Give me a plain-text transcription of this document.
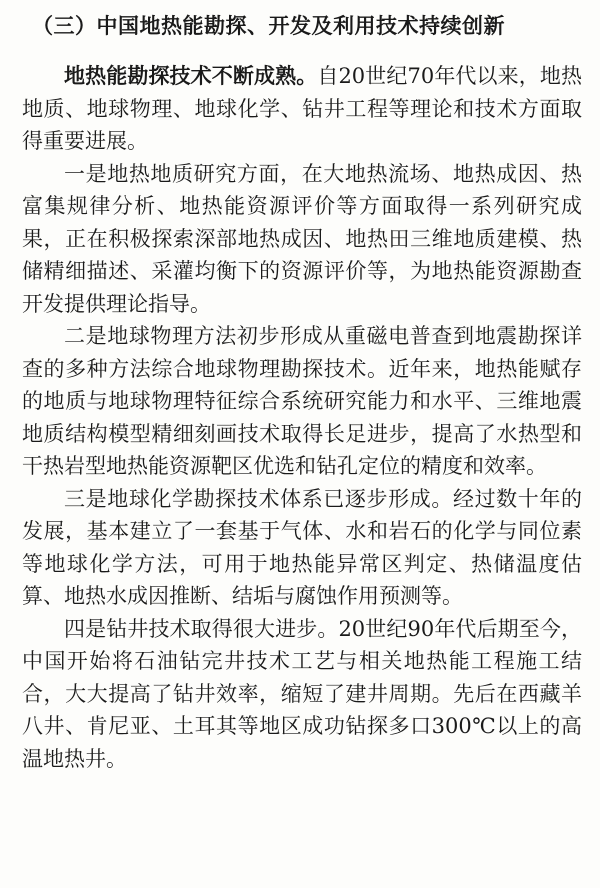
（三）中国地热能勘探、开发及利用技术持续创新

地热能勘探技术不断成熟。自20世纪70年代以来，地热地质、地球物理、地球化学、钻井工程等理论和技术方面取得重要进展。

一是地热地质研究方面，在大地热流场、地热成因、热富集规律分析、地热能资源评价等方面取得一系列研究成果，正在积极探索深部地热成因、地热田三维地质建模、热储精细描述、采灌均衡下的资源评价等，为地热能资源勘查开发提供理论指导。

二是地球物理方法初步形成从重磁电普查到地震勘探详查的多种方法综合地球物理勘探技术。近年来，地热能赋存的地质与地球物理特征综合系统研究能力和水平、三维地震地质结构模型精细刻画技术取得长足进步，提高了水热型和干热岩型地热能资源靶区优选和钻孔定位的精度和效率。

三是地球化学勘探技术体系已逐步形成。经过数十年的发展，基本建立了一套基于气体、水和岩石的化学与同位素等地球化学方法，可用于地热能异常区判定、热储温度估算、地热水成因推断、结垢与腐蚀作用预测等。

四是钻井技术取得很大进步。20世纪90年代后期至今，中国开始将石油钻完井技术工艺与相关地热能工程施工结合，大大提高了钻井效率，缩短了建井周期。先后在西藏羊八井、肯尼亚、土耳其等地区成功钻探多口300℃以上的高温地热井。
